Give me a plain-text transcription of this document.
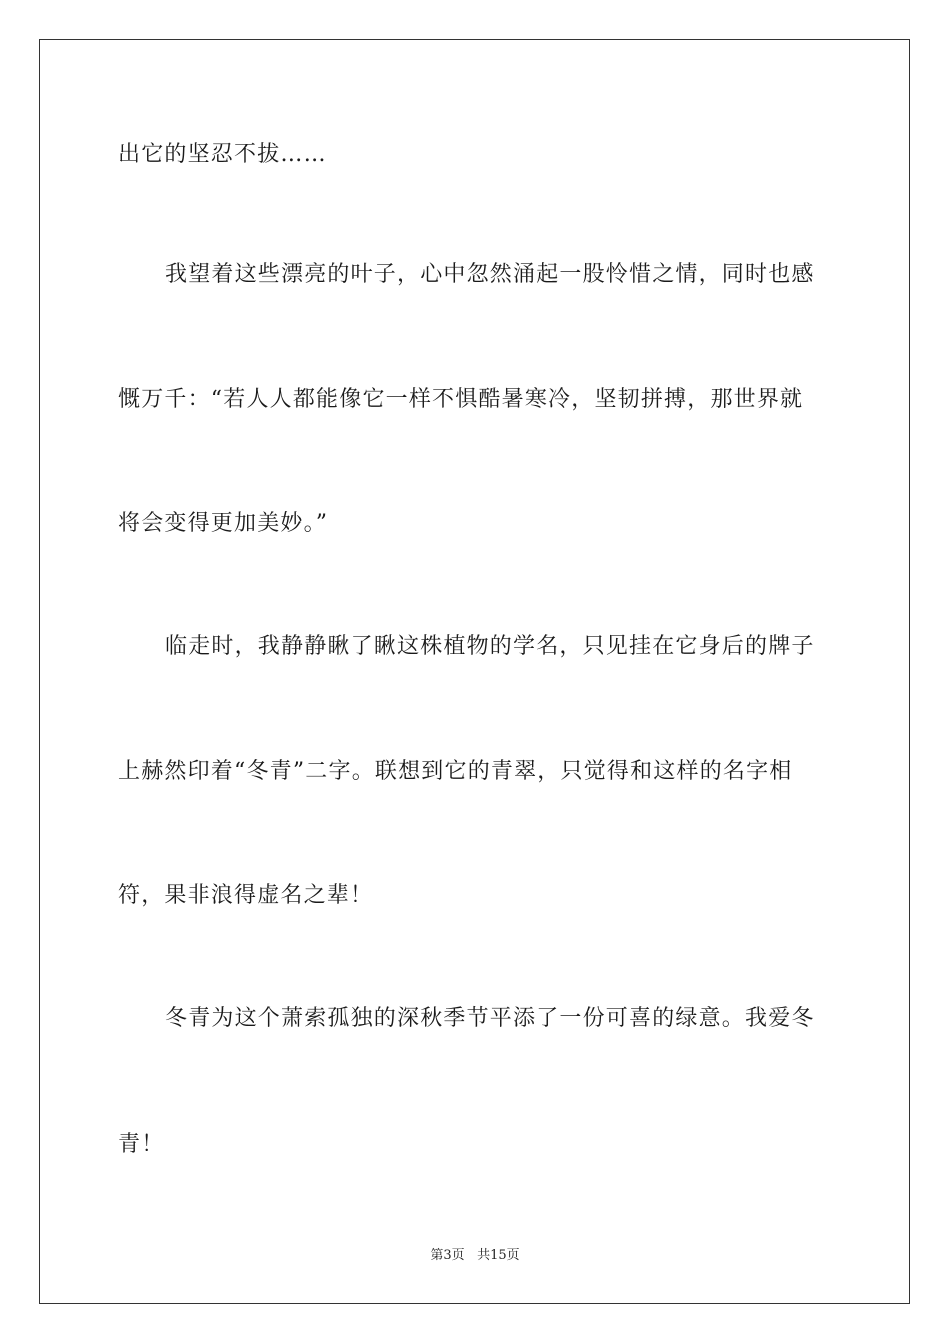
出它的坚忍不拔……
我望着这些漂亮的叶子，心中忽然涌起一股怜惜之情，同时也感
慨万千：“若人人都能像它一样不惧酷暑寒冷，坚韧拼搏，那世界就
将会变得更加美妙。”
临走时，我静静瞅了瞅这株植物的学名，只见挂在它身后的牌子
上赫然印着“冬青”二字。联想到它的青翠，只觉得和这样的名字相
符，果非浪得虚名之辈！
冬青为这个萧索孤独的深秋季节平添了一份可喜的绿意。我爱冬
青！
第3页 共15页
